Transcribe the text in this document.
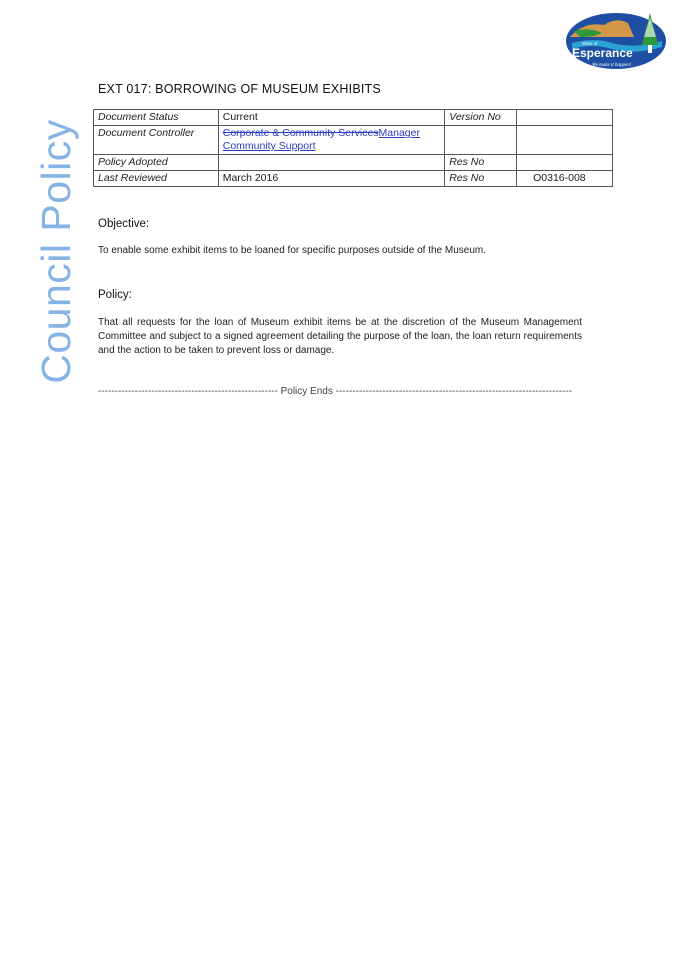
Council Policy
Shire of
Esperance
We make it happen!
EXT 017: BORROWING OF MUSEUM EXHIBITS
Document Status	Current	Version No	
Document Controller	Corporate & Community ServicesManager Community Support		
Policy Adopted		Res No	
Last Reviewed	March 2016	Res No	O0316-008
Objective:
To enable some exhibit items to be loaned for specific purposes outside of the Museum.
Policy:
That all requests for the loan of Museum exhibit items be at the discretion of the Museum Management Committee and subject to a signed agreement detailing the purpose of the loan, the loan return requirements and the action to be taken to prevent loss or damage.
------------------------------------------------------ Policy Ends -----------------------------------------------------------------------
